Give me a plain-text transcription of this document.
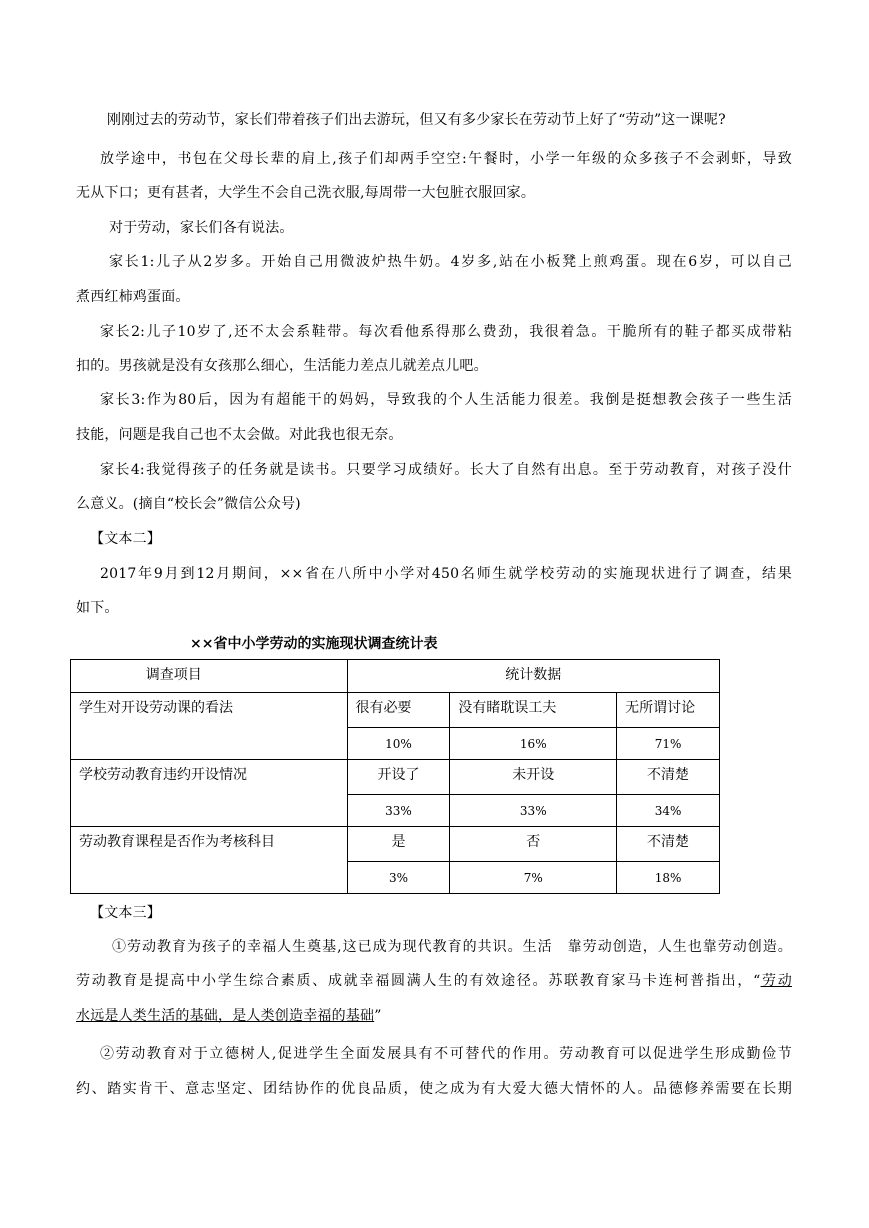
刚刚过去的劳动节，家长们带着孩子们出去游玩，但又有多少家长在劳动节上好了“劳动”这一课呢?
放学途中，书包在父母长辈的肩上,孩子们却两手空空:午餐时，小学一年级的众多孩子不会剥虾，导致
无从下口；更有甚者，大学生不会自己洗衣服,每周带一大包脏衣服回家。
对于劳动，家长们各有说法。
家长1:儿子从2岁多。开始自己用微波炉热牛奶。4岁多,站在小板凳上煎鸡蛋。现在6岁，可以自己
煮西红柿鸡蛋面。
家长2:儿子10岁了,还不太会系鞋带。每次看他系得那么费劲，我很着急。干脆所有的鞋子都买成带粘
扣的。男孩就是没有女孩那么细心，生活能力差点儿就差点儿吧。
家长3:作为80后，因为有超能干的妈妈，导致我的个人生活能力很差。我倒是挺想教会孩子一些生活
技能，问题是我自己也不太会做。对此我也很无奈。
家长4:我觉得孩子的任务就是读书。只要学习成绩好。长大了自然有出息。至于劳动教育，对孩子没什
么意义。(摘自“校长会”微信公众号)
【文本二】
2017年9月到12月期间，××省在八所中小学对450名师生就学校劳动的实施现状进行了调查，结果
如下。
××省中小学劳动的实施现状调查统计表
调查项目	统计数据		
学生对开设劳动课的看法	很有必要	没有睹耽误工夫	无所谓讨论
	10%	16%	71%
学校劳动教育违约开设情况	开设了	未开设	不清楚
	33%	33%	34%
劳动教育课程是否作为考核科目	是	否	不清楚
	3%	7%	18%
【文本三】
①劳动教育为孩子的幸福人生奠基,这已成为现代教育的共识。生活　靠劳动创造，人生也靠劳动创造。
劳动教育是提高中小学生综合素质、成就幸福圆满人生的有效途径。苏联教育家马卡连柯普指出，“劳动
水远是人类生活的基础，是人类创造幸福的基础”
②劳动教育对于立德树人,促进学生全面发展具有不可替代的作用。劳动教育可以促进学生形成勤俭节
约、踏实肯干、意志坚定、团结协作的优良品质，使之成为有大爱大德大情怀的人。品德修养需要在长期
